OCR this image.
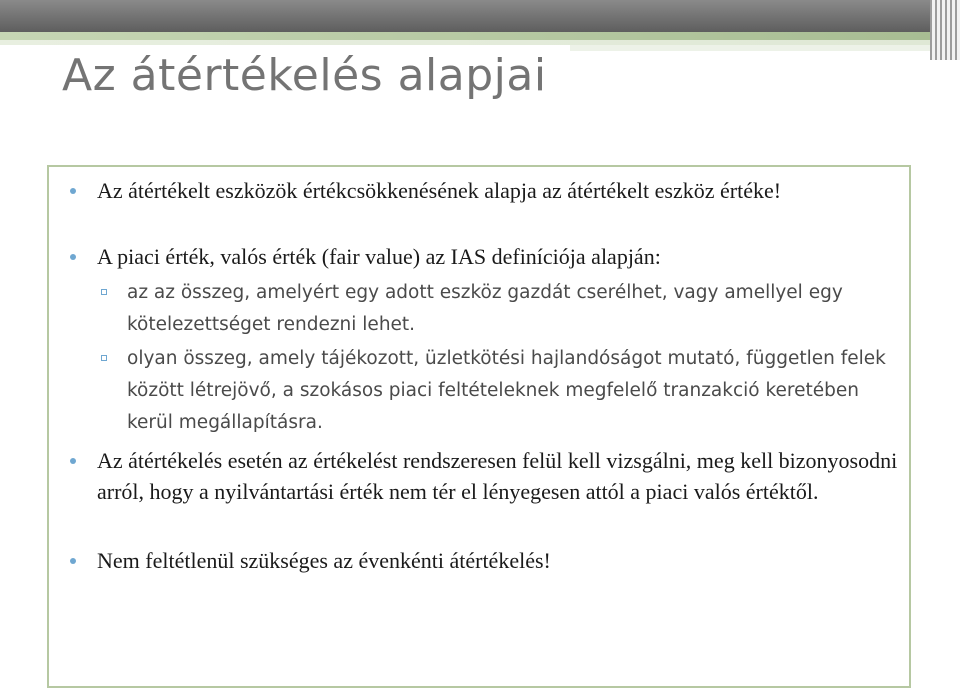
Az átértékelés alapjai
Az átértékelt eszközök értékcsökkenésének alapja az átértékelt eszköz értéke!
A piaci érték, valós érték (fair value) az IAS definíciója alapján:
az az összeg, amelyért egy adott eszköz gazdát cserélhet, vagy amellyel egy kötelezettséget rendezni lehet.
olyan összeg, amely tájékozott, üzletkötési hajlandóságot mutató, független felek között létrejövő, a szokásos piaci feltételeknek megfelelő tranzakció keretében kerül megállapításra.
Az átértékelés esetén az értékelést rendszeresen felül kell vizsgálni, meg kell bizonyosodni arról, hogy a nyilvántartási érték nem tér el lényegesen attól a piaci valós értéktől.
Nem feltétlenül szükséges az évenkénti átértékelés!
